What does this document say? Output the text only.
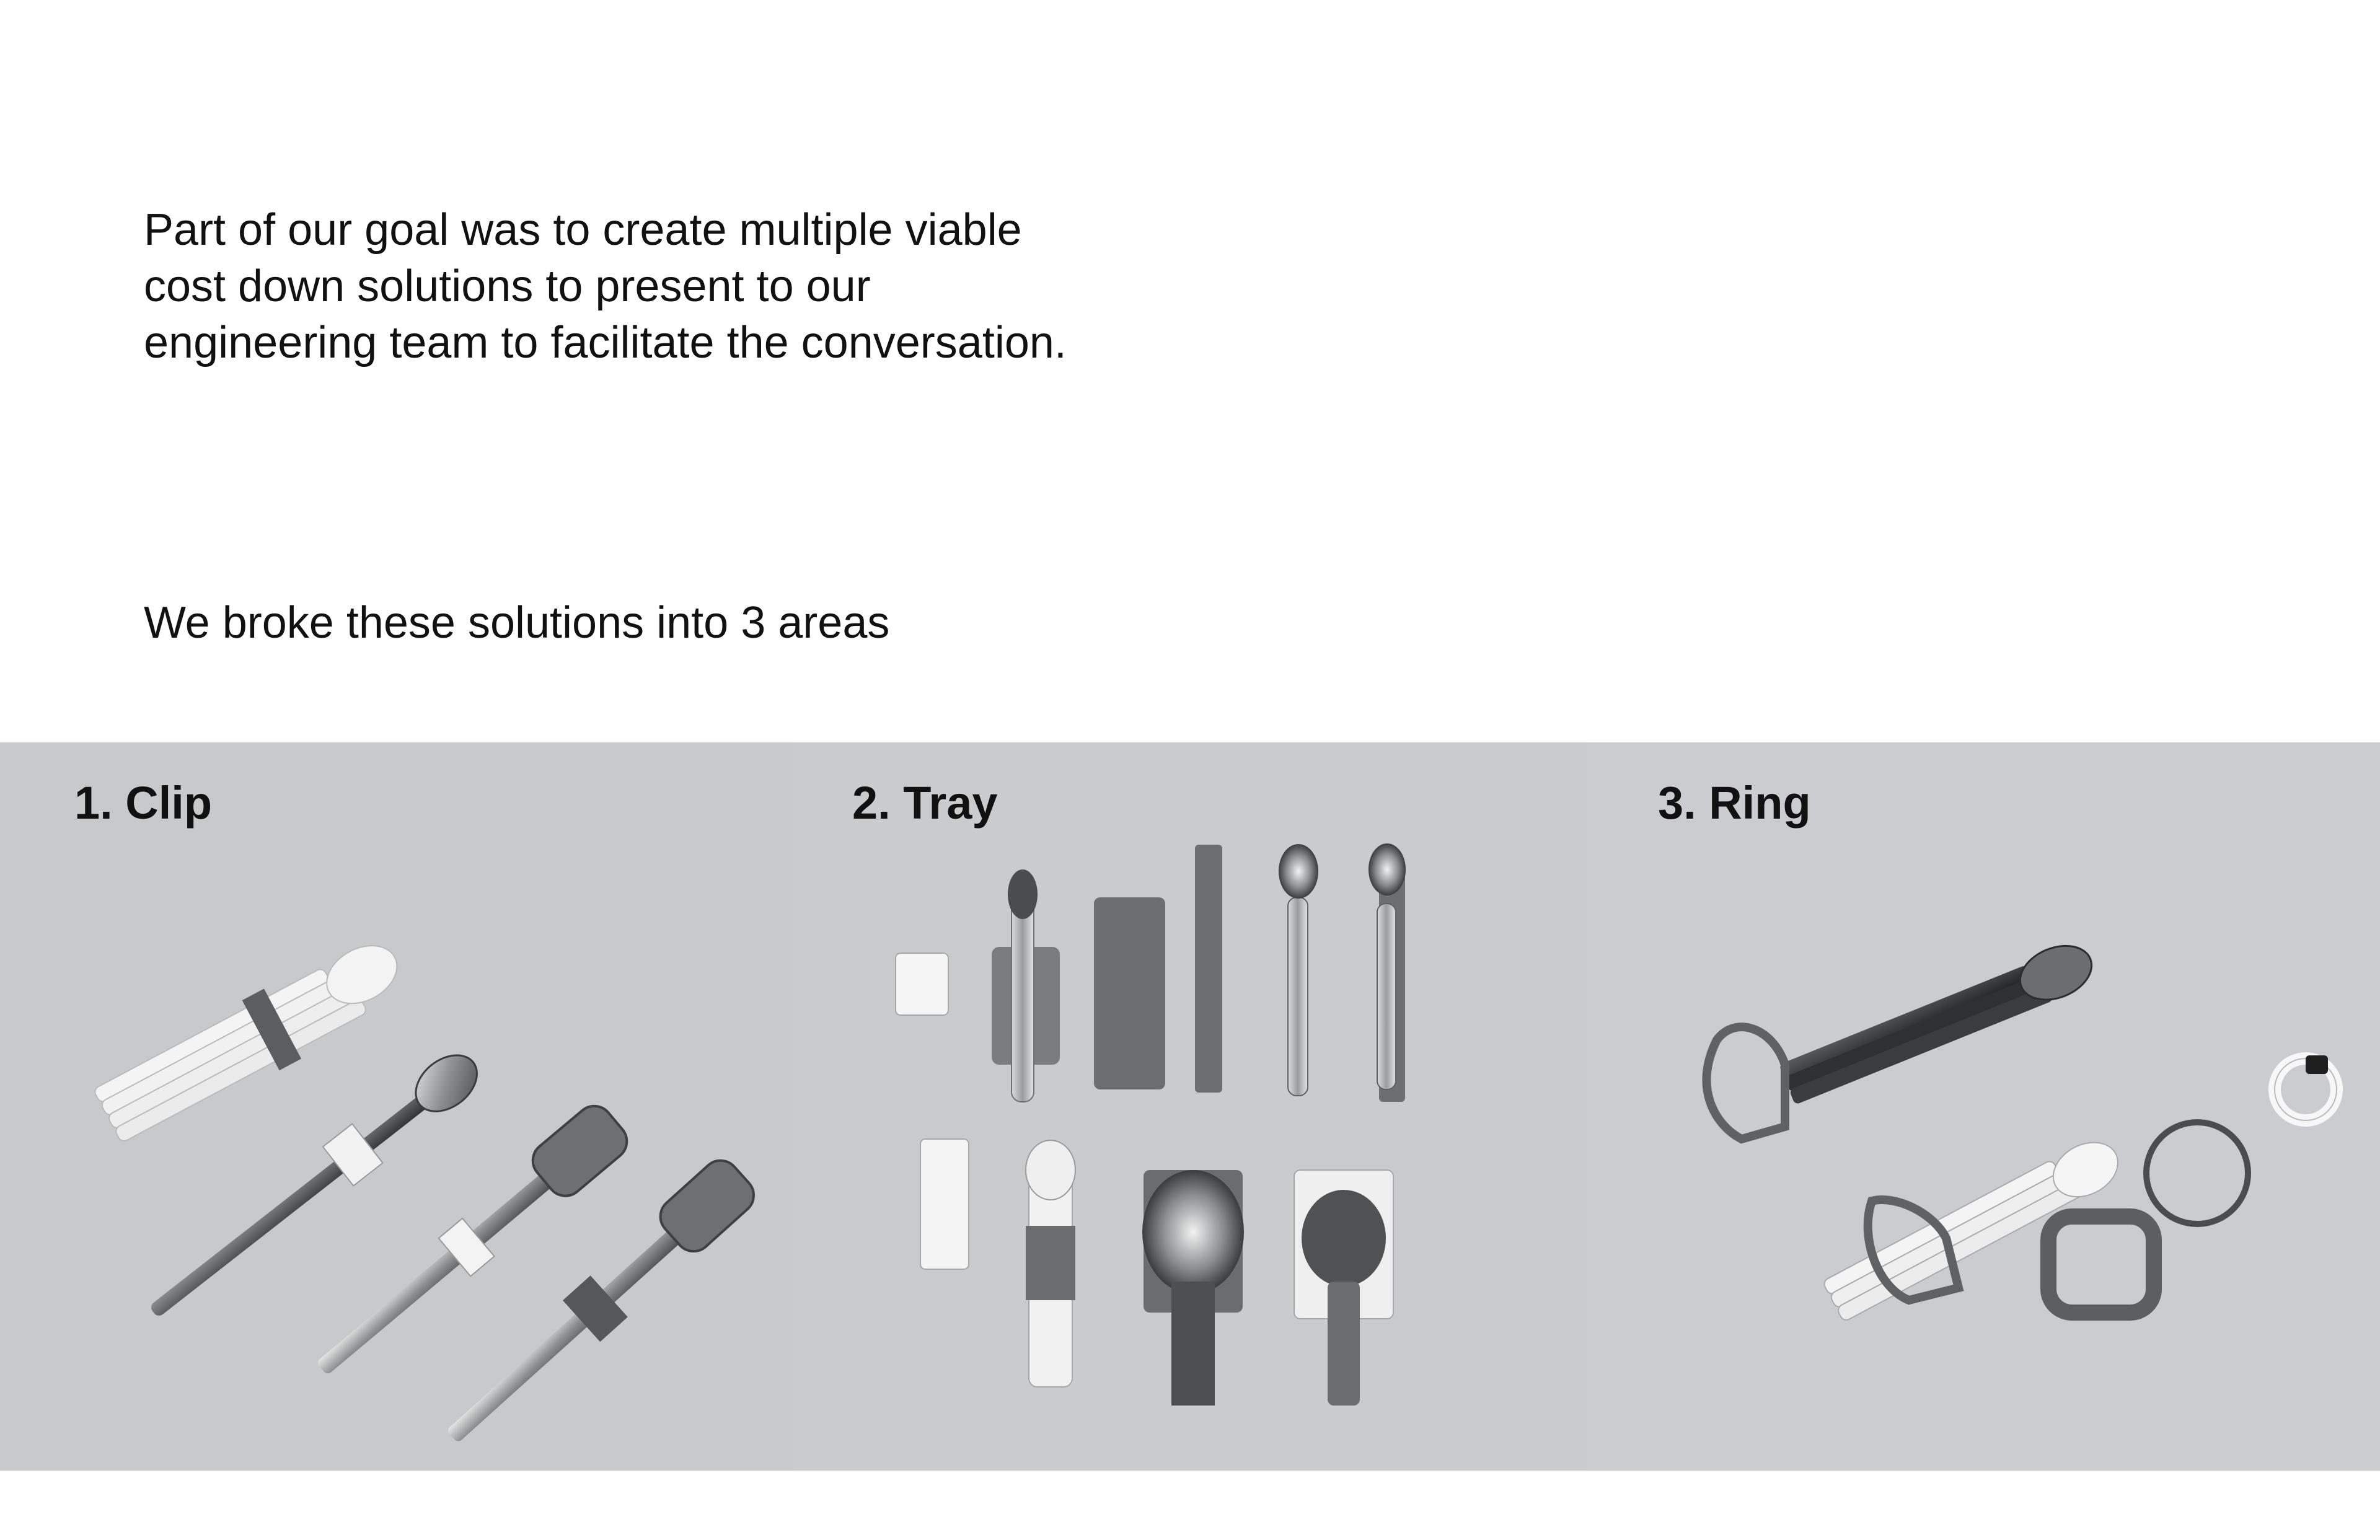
Part of our goal was to create multiple viable cost down solutions to present to our engineering team to facilitate the conversation.

We broke these solutions into 3 areas

1. Clip	2. Tray	3. Ring
